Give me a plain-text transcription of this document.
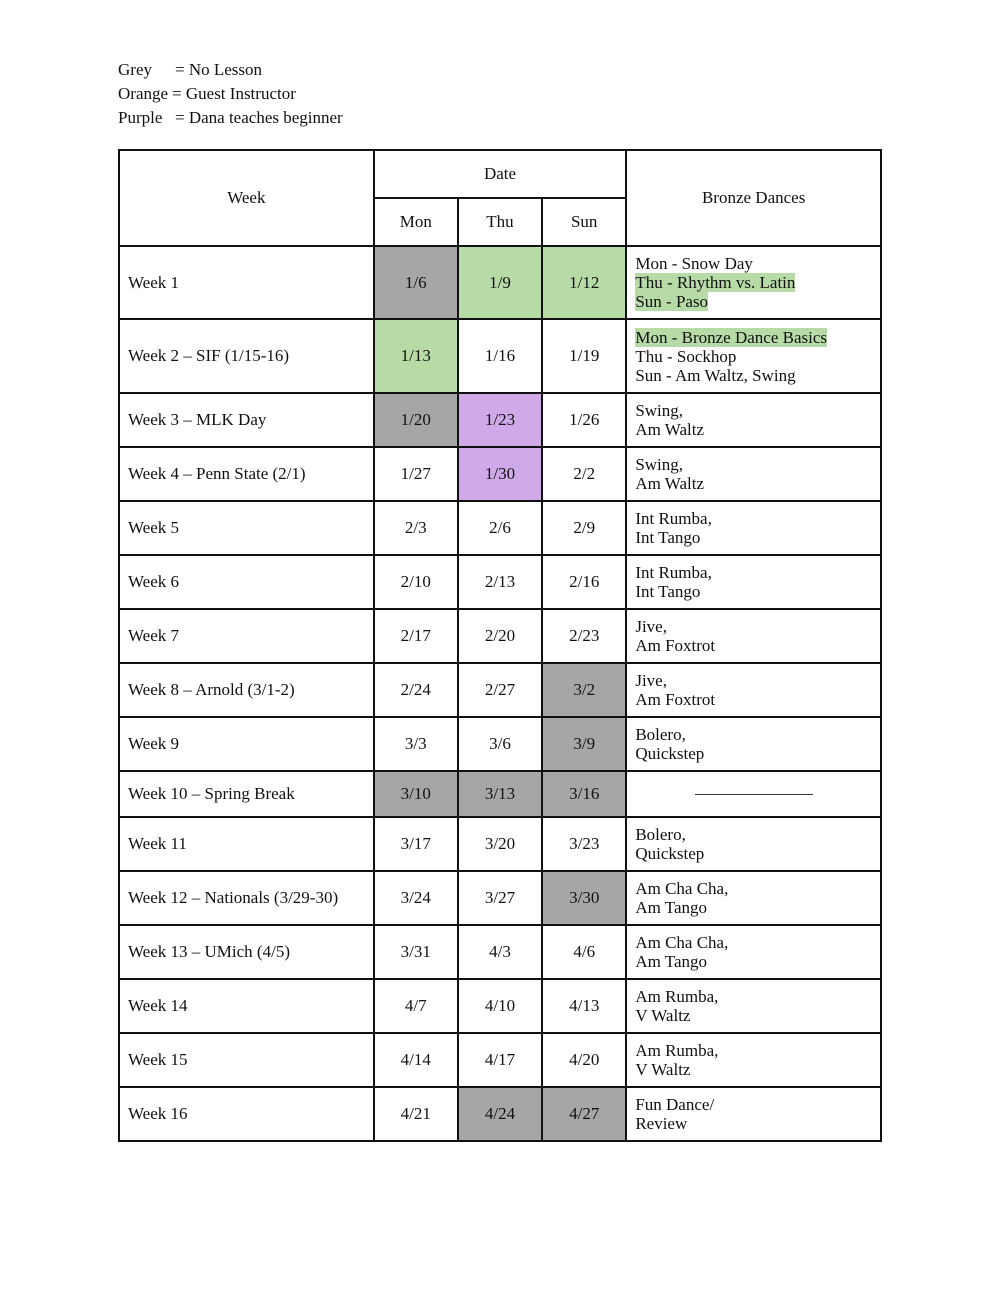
Grey	= No Lesson
Orange = Guest Instructor
Purple = Dana teaches beginner
Week	Date			Bronze Dances
	Mon	Thu	Sun	
Week 1	1/6	1/9	1/12	Mon - Snow Day
Thu - Rhythm vs. Latin
Sun - Paso

Week 2 – SIF (1/15-16)	1/13	1/16	1/19	Mon - Bronze Dance Basics
Thu - Sockhop
Sun - Am Waltz, Swing

Week 3 – MLK Day	1/20	1/23	1/26	Swing,
Am Waltz

Week 4 – Penn State (2/1)	1/27	1/30	2/2	Swing,
Am Waltz

Week 5	2/3	2/6	2/9	Int Rumba,
Int Tango

Week 6	2/10	2/13	2/16	Int Rumba,
Int Tango

Week 7	2/17	2/20	2/23	Jive,
Am Foxtrot

Week 8 – Arnold (3/1-2)	2/24	2/27	3/2	Jive,
Am Foxtrot

Week 9	3/3	3/6	3/9	Bolero,
Quickstep

Week 10 – Spring Break	3/10	3/13	3/16	

Week 11	3/17	3/20	3/23	Bolero,
Quickstep

Week 12 – Nationals (3/29-30)	3/24	3/27	3/30	Am Cha Cha,
Am Tango

Week 13 – UMich (4/5)	3/31	4/3	4/6	Am Cha Cha,
Am Tango

Week 14	4/7	4/10	4/13	Am Rumba,
V Waltz

Week 15	4/14	4/17	4/20	Am Rumba,
V Waltz

Week 16	4/21	4/24	4/27	Fun Dance/
Review
